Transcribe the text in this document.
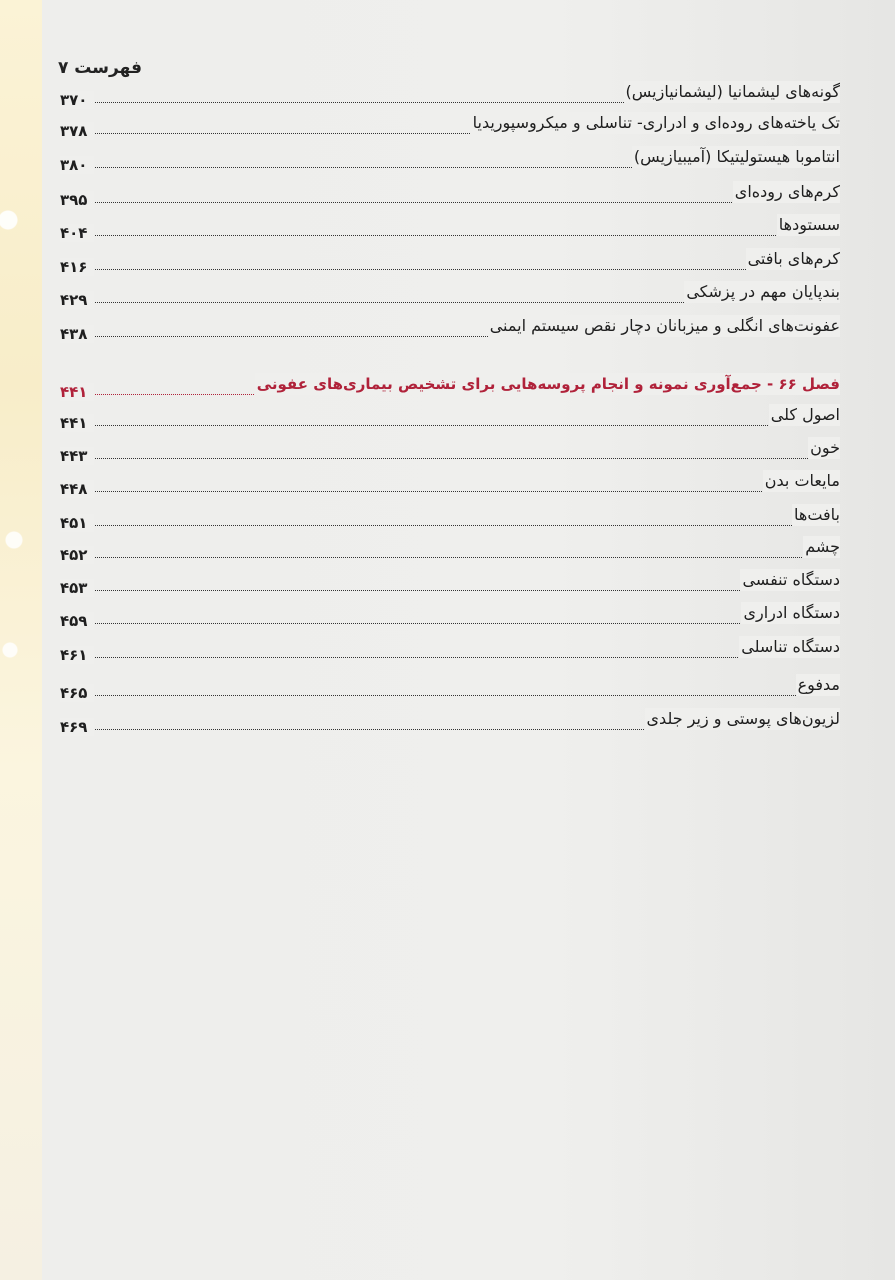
فهرست ۷
گونه‌های لیشمانیا (لیشمانیازیس)
۳۷۰
تک یاخته‌های روده‌ای و ادراری- تناسلی و میکروسپوریدیا
۳۷۸
انتاموبا هیستولیتیکا (آمیبیازیس)
۳۸۰
کرم‌های روده‌ای
۳۹۵
سستودها
۴۰۴
کرم‌های بافتی
۴۱۶
بندپایان مهم در پزشکی
۴۲۹
عفونت‌های انگلی و میزبانان دچار نقص سیستم ایمنی
۴۳۸
فصل ۶۶ - جمع‌آوری نمونه و انجام پروسه‌هایی برای تشخیص بیماری‌های عفونی
۴۴۱
اصول کلی
۴۴۱
خون
۴۴۳
مایعات بدن
۴۴۸
بافت‌ها
۴۵۱
چشم
۴۵۲
دستگاه تنفسی
۴۵۳
دستگاه ادراری
۴۵۹
دستگاه تناسلی
۴۶۱
مدفوع
۴۶۵
لزیون‌های پوستی و زیر جلدی
۴۶۹
